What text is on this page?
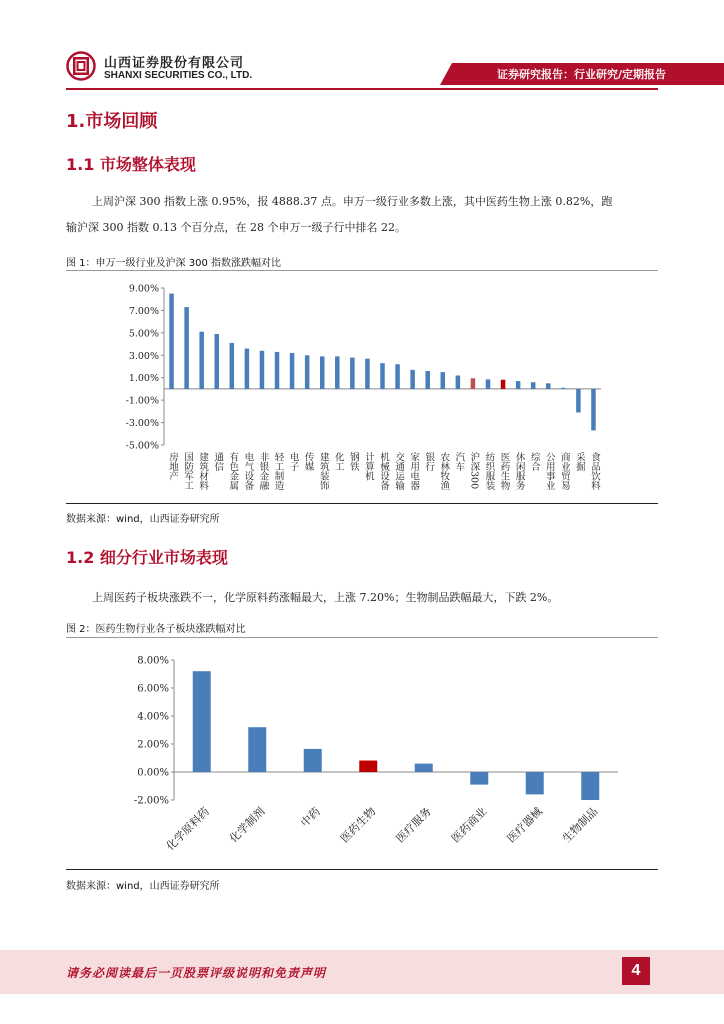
山西证券股份有限公司
SHANXI SECURITIES CO., LTD.	证券研究报告：行业研究/定期报告
1.市场回顾
1.1 市场整体表现
上周沪深 300 指数上涨 0.95%，报 4888.37 点。申万一级行业多数上涨，其中医药生物上涨 0.82%，跑
输沪深 300 指数 0.13 个百分点，在 28 个申万一级子行中排名 22。
图 1：申万一级行业及沪深 300 指数涨跌幅对比
9.00%
7.00%
5.00%
3.00%
1.00%
-1.00%
-3.00%
-5.00%
房地产 国防军工 建筑材料 通信 有色金属 电气设备 非银金融 轻工制造 电子 传媒 建筑装饰 化工 钢铁 计算机 机械设备 交通运输 家用电器 银行 农林牧渔 汽车 沪深300 纺织服装 医药生物 休闲服务 综合 公用事业 商业贸易 采掘 食品饮料
数据来源：wind，山西证券研究所
1.2 细分行业市场表现
上周医药子板块涨跌不一，化学原料药涨幅最大，上涨 7.20%；生物制品跌幅最大，下跌 2%。
图 2：医药生物行业各子板块涨跌幅对比
8.00%
6.00%
4.00%
2.00%
0.00%
-2.00%
化学原料药 化学制剂	中药 医药生物 医疗服务 医药商业 医疗器械 生物制品
数据来源：wind，山西证券研究所
请务必阅读最后一页股票评级说明和免责声明	4
